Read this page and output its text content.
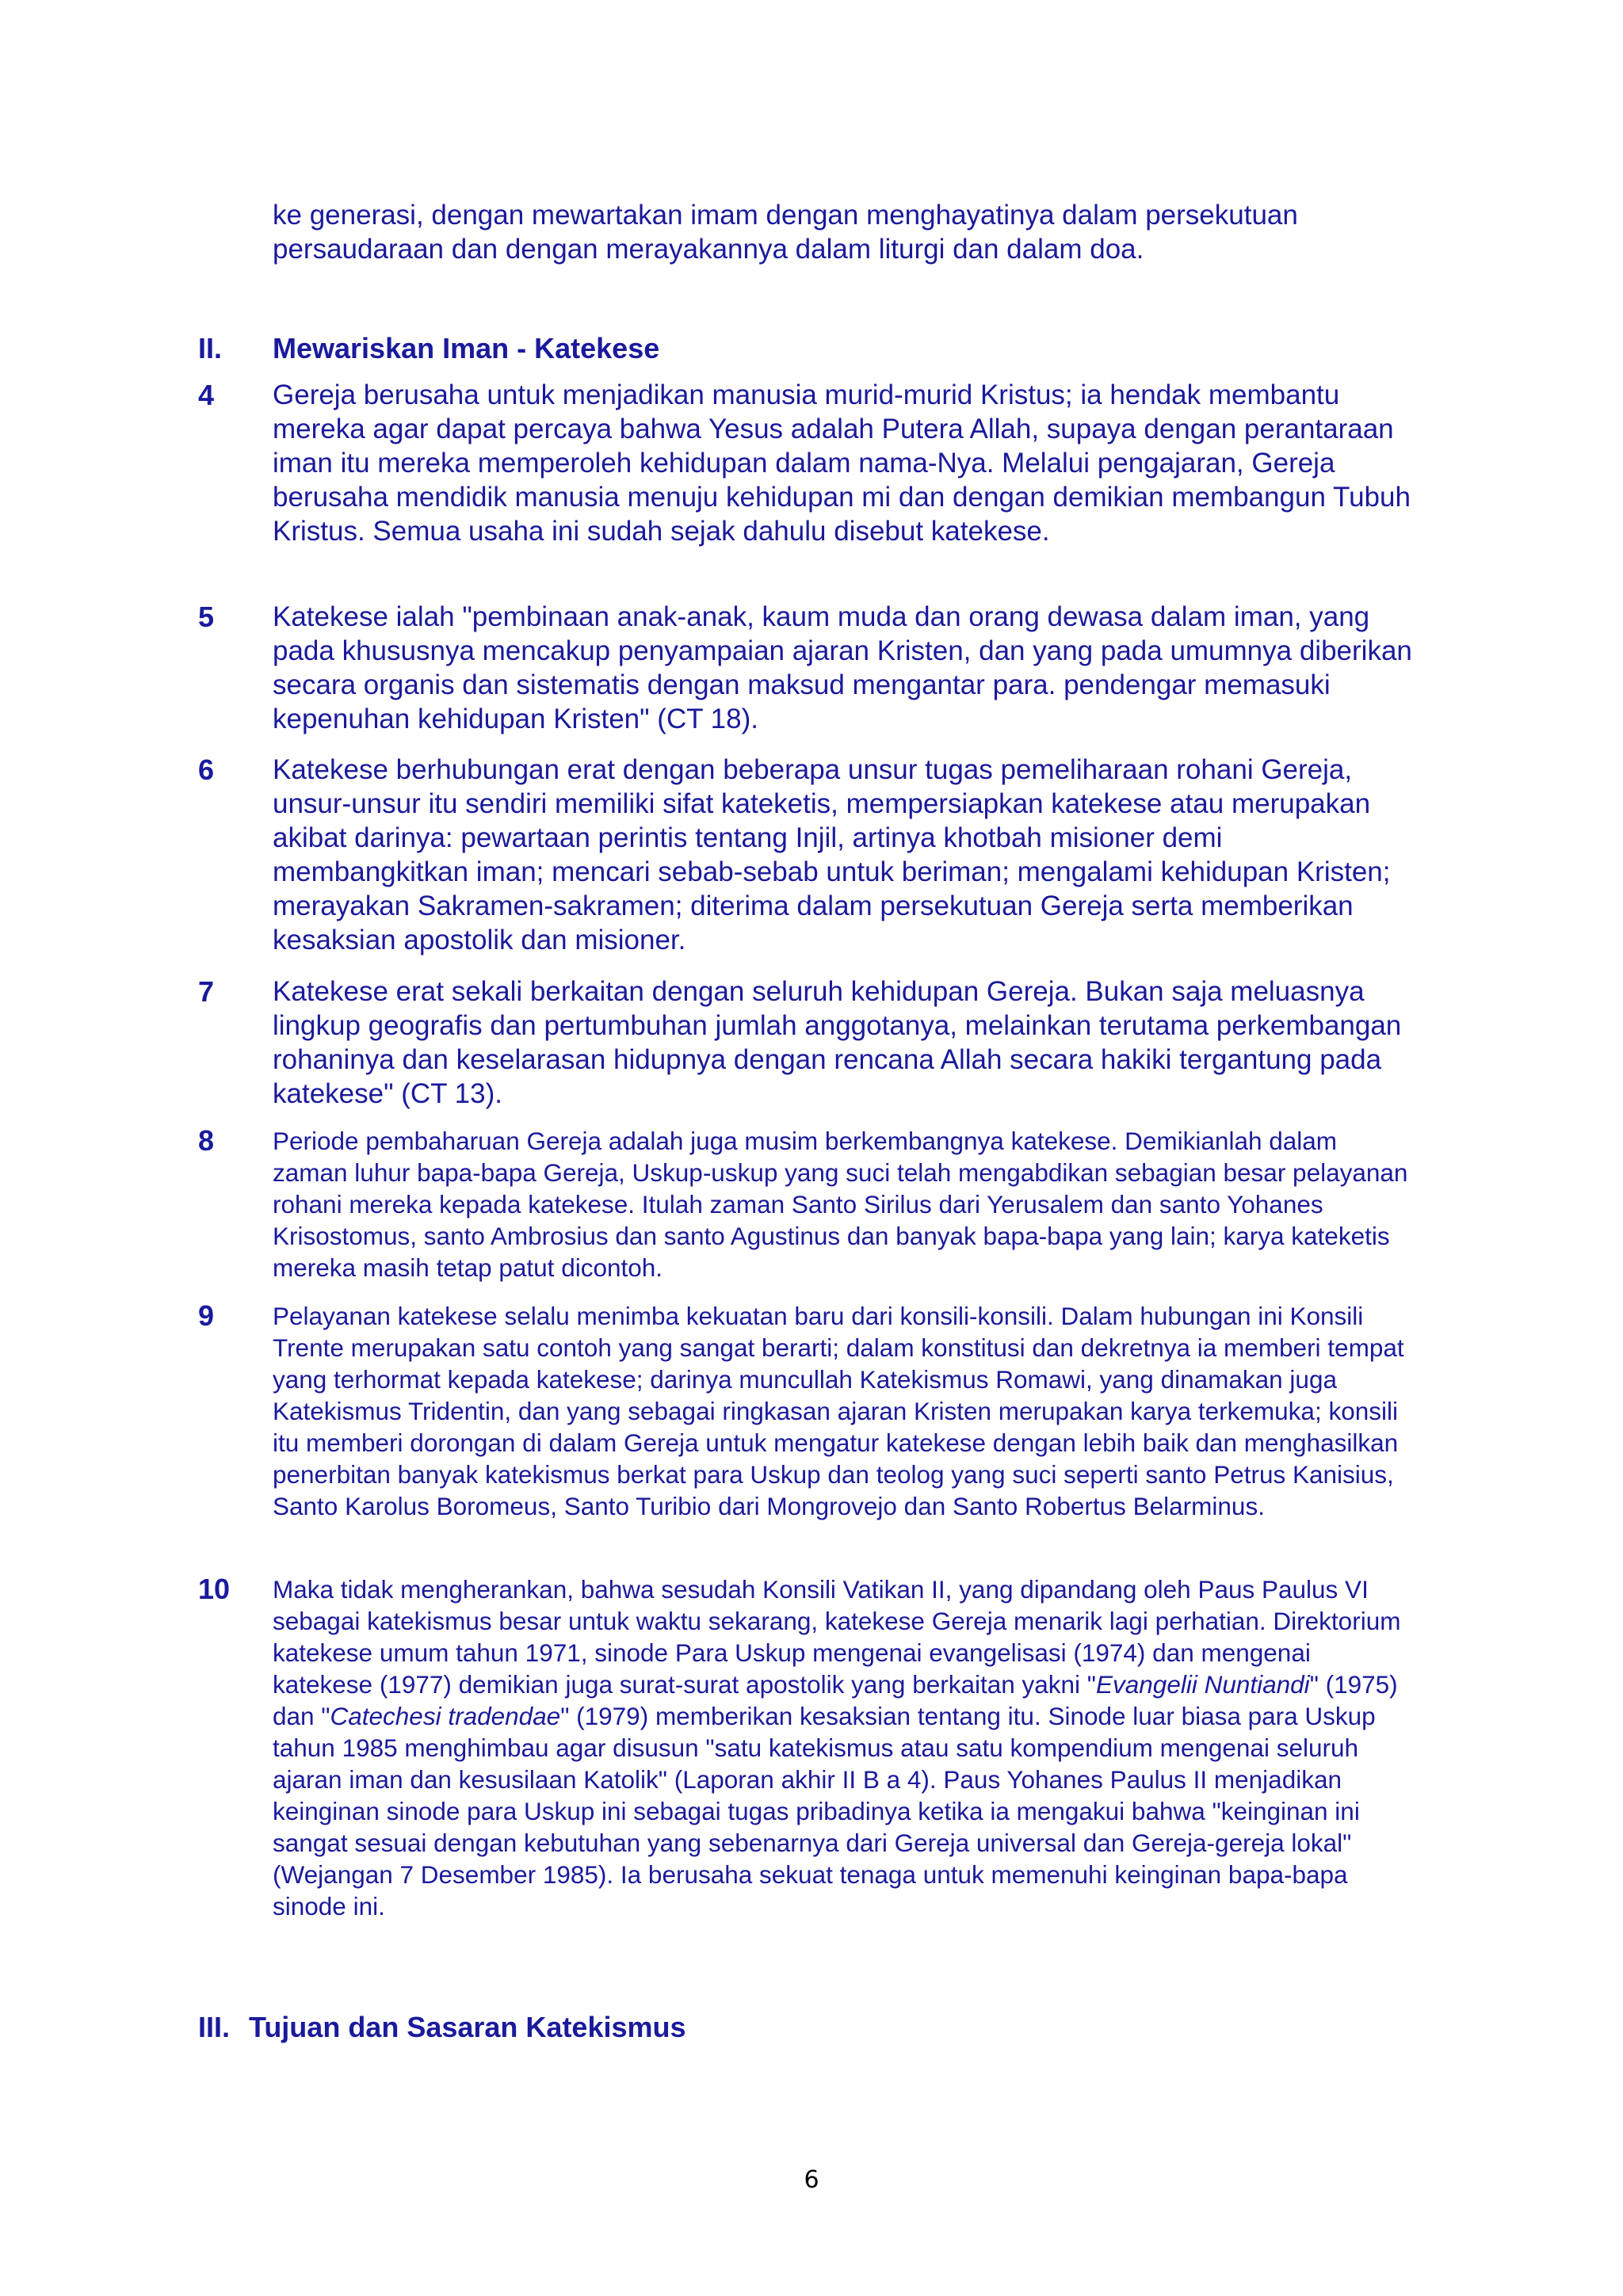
ke generasi, dengan mewartakan imam dengan menghayatinya dalam persekutuan

persaudaraan dan dengan merayakannya dalam liturgi dan dalam doa.

II. Mewariskan Iman - Katekese
4 Gereja berusaha untuk menjadikan manusia murid-murid Kristus; ia hendak membantu mereka agar dapat percaya bahwa Yesus adalah Putera Allah, supaya dengan perantaraan iman itu mereka memperoleh kehidupan dalam nama-Nya. Melalui pengajaran, Gereja berusaha mendidik manusia menuju kehidupan mi dan dengan demikian membangun Tubuh Kristus. Semua usaha ini sudah sejak dahulu disebut katekese.

5 Katekese ialah "pembinaan anak-anak, kaum muda dan orang dewasa dalam iman, yang pada khususnya mencakup penyampaian ajaran Kristen, dan yang pada umumnya diberikan secara organis dan sistematis dengan maksud mengantar para. pendengar memasuki kepenuhan kehidupan Kristen" (CT 18).

6 Katekese berhubungan erat dengan beberapa unsur tugas pemeliharaan rohani Gereja, unsur-unsur itu sendiri memiliki sifat kateketis, mempersiapkan katekese atau merupakan akibat darinya: pewartaan perintis tentang Injil, artinya khotbah misioner demi membangkitkan iman; mencari sebab-sebab untuk beriman; mengalami kehidupan Kristen; merayakan Sakramen-sakramen; diterima dalam persekutuan Gereja serta memberikan kesaksian apostolik dan misioner.

7 Katekese erat sekali berkaitan dengan seluruh kehidupan Gereja. Bukan saja meluasnya lingkup geografis dan pertumbuhan jumlah anggotanya, melainkan terutama perkembangan rohaninya dan keselarasan hidupnya dengan rencana Allah secara hakiki tergantung pada katekese" (CT 13).

8 Periode pembaharuan Gereja adalah juga musim berkembangnya katekese. Demikianlah dalam zaman luhur bapa-bapa Gereja, Uskup-uskup yang suci telah mengabdikan sebagian besar pelayanan rohani mereka kepada katekese. Itulah zaman Santo Sirilus dari Yerusalem dan santo Yohanes Krisostomus, santo Ambrosius dan santo Agustinus dan banyak bapa-bapa yang lain; karya kateketis mereka masih tetap patut dicontoh.

9 Pelayanan katekese selalu menimba kekuatan baru dari konsili-konsili. Dalam hubungan ini Konsili Trente merupakan satu contoh yang sangat berarti; dalam konstitusi dan dekretnya ia memberi tempat yang terhormat kepada katekese; darinya muncullah Katekismus Romawi, yang dinamakan juga Katekismus Tridentin, dan yang sebagai ringkasan ajaran Kristen merupakan karya terkemuka; konsili itu memberi dorongan di dalam Gereja untuk mengatur katekese dengan lebih baik dan menghasilkan penerbitan banyak katekismus berkat para Uskup dan teolog yang suci seperti santo Petrus Kanisius, Santo Karolus Boromeus, Santo Turibio dari Mongrovejo dan Santo Robertus Belarminus.

10 Maka tidak mengherankan, bahwa sesudah Konsili Vatikan II, yang dipandang oleh Paus Paulus VI sebagai katekismus besar untuk waktu sekarang, katekese Gereja menarik lagi perhatian. Direktorium katekese umum tahun 1971, sinode Para Uskup mengenai evangelisasi (1974) dan mengenai katekese (1977) demikian juga surat-surat apostolik yang berkaitan yakni "Evangelii Nuntiandi" (1975) dan "Catechesi tradendae" (1979) memberikan kesaksian tentang itu. Sinode luar biasa para Uskup tahun 1985 menghimbau agar disusun "satu katekismus atau satu kompendium mengenai seluruh ajaran iman dan kesusilaan Katolik" (Laporan akhir II B a 4). Paus Yohanes Paulus II menjadikan keinginan sinode para Uskup ini sebagai tugas pribadinya ketika ia mengakui bahwa "keinginan ini sangat sesuai dengan kebutuhan yang sebenarnya dari Gereja universal dan Gereja-gereja lokal" (Wejangan 7 Desember 1985). Ia berusaha sekuat tenaga untuk memenuhi keinginan bapa-bapa sinode ini.

III. Tujuan dan Sasaran Katekismus
6
